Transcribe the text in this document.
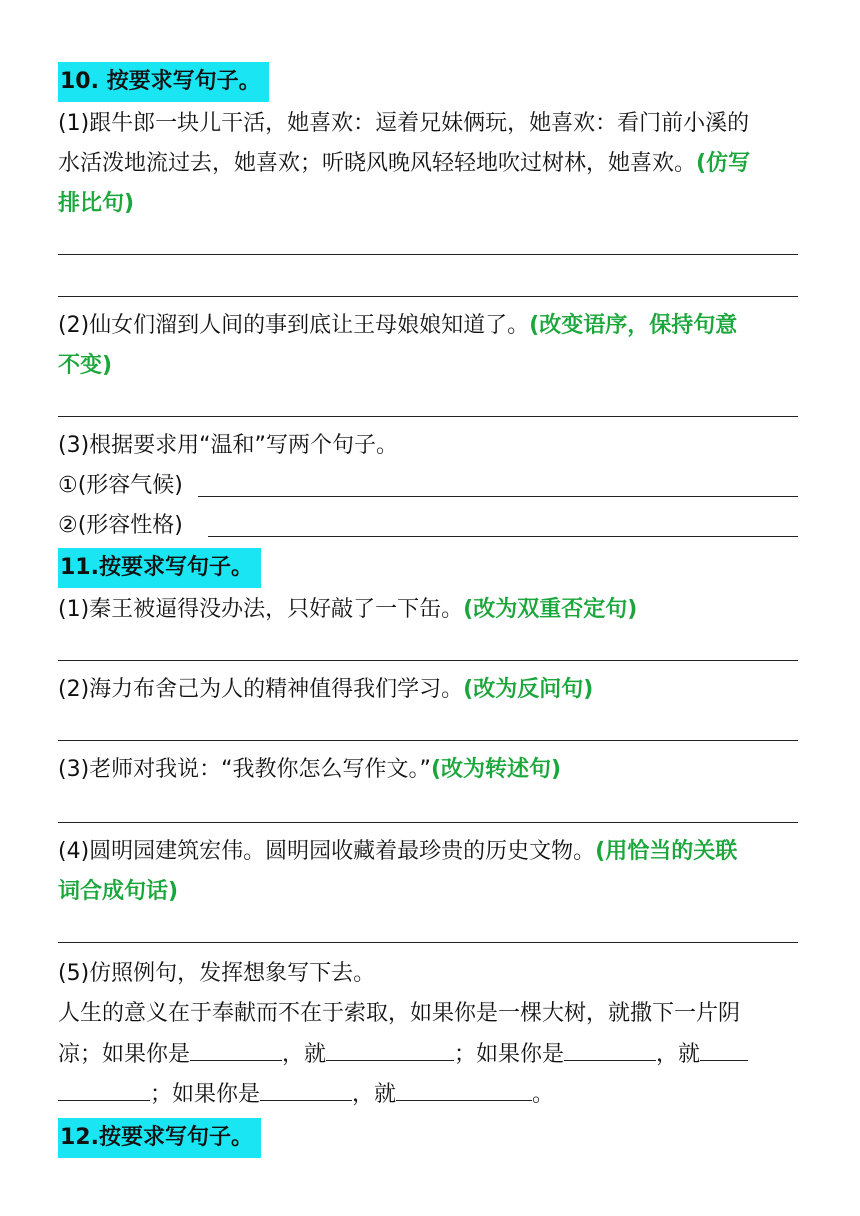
10. 按要求写句子。
(1)跟牛郎一块儿干活，她喜欢：逗着兄妹俩玩，她喜欢：看门前小溪的
水活泼地流过去，她喜欢；听晓风晚风轻轻地吹过树林，她喜欢。(仿写
排比句)
(2)仙女们溜到人间的事到底让王母娘娘知道了。(改变语序，保持句意
不变)
(3)根据要求用“温和”写两个句子。
①(形容气候)
②(形容性格)
11.按要求写句子。
(1)秦王被逼得没办法，只好敲了一下缶。(改为双重否定句)
(2)海力布舍己为人的精神值得我们学习。(改为反问句)
(3)老师对我说：“我教你怎么写作文。”(改为转述句)
(4)圆明园建筑宏伟。圆明园收藏着最珍贵的历史文物。(用恰当的关联
词合成句话)
(5)仿照例句，发挥想象写下去。
人生的意义在于奉献而不在于索取，如果你是一棵大树，就撒下一片阴
凉；如果你是	，就	；如果你是	，就
；如果你是	，就	。
12.按要求写句子。
